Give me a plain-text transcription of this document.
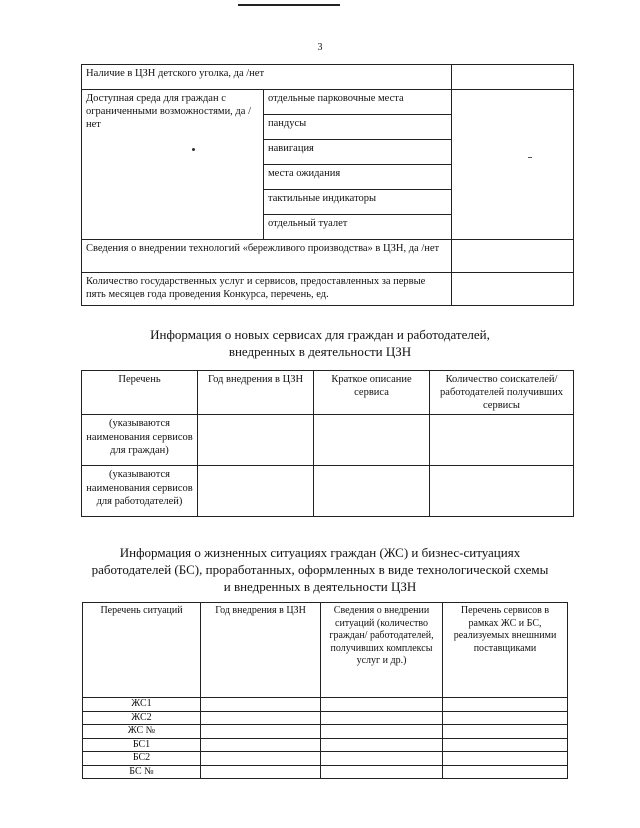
3
Наличие в ЦЗН детского уголка, да /нет		
Доступная среда для граждан с ограниченными возможностями, да /нет	отдельные парковочные места	
	пандусы	
	навигация	
	места ожидания	
	тактильные индикаторы	
	отдельный туалет	
Сведения о внедрении технологий «бережливого производства» в ЦЗН, да /нет		
Количество государственных услуг и сервисов, предоставленных за первые пять месяцев года проведения Конкурса, перечень, ед.		
Информация о новых сервисах для граждан и работодателей,
внедренных в деятельности ЦЗН
Перечень	Год внедрения в ЦЗН	Краткое описание сервиса	Количество соискателей/работодателей получивших сервисы
(указываются наименования сервисов для граждан)			
(указываются наименования сервисов для работодателей)			
Информация о жизненных ситуациях граждан (ЖС) и бизнес-ситуациях
работодателей (БС), проработанных, оформленных в виде технологической схемы
и внедренных в деятельности ЦЗН
Перечень ситуаций	Год внедрения в ЦЗН	Сведения о внедрении ситуаций (количество граждан/ работодателей, получивших комплексы услуг и др.)	Перечень сервисов в рамках ЖС и БС, реализуемых внешними поставщиками
ЖС1			
ЖС2			
ЖС №			
БС1			
БС2			
БС №			
